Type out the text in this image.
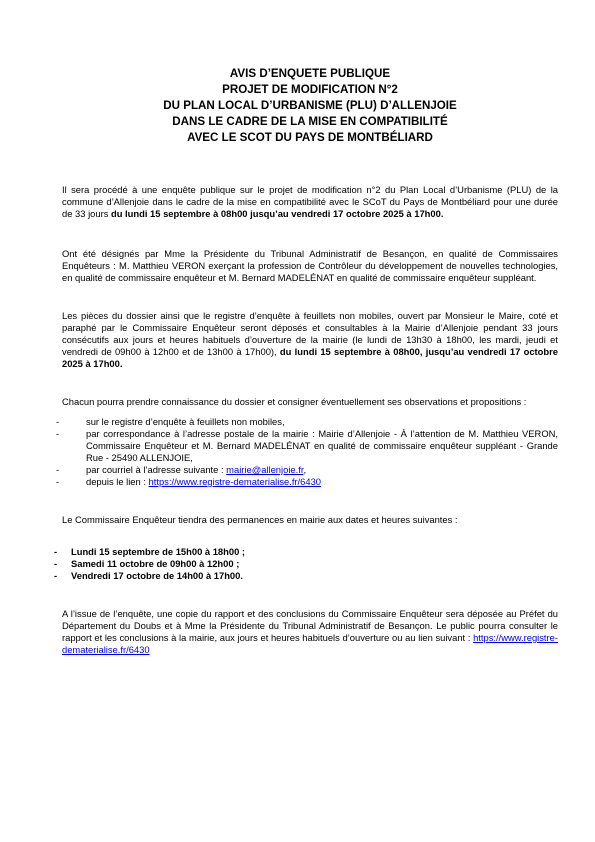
AVIS D’ENQUETE PUBLIQUE
PROJET DE MODIFICATION N°2
DU PLAN LOCAL D’URBANISME (PLU) D’ALLENJOIE
DANS LE CADRE DE LA MISE EN COMPATIBILITÉ
AVEC LE SCOT DU PAYS DE MONTBÉLIARD

Il sera procédé à une enquête publique sur le projet de modification n°2 du Plan Local d’Urbanisme (PLU) de la commune d’Allenjoie dans le cadre de la mise en compatibilité avec le SCoT du Pays de Montbéliard pour une durée de 33 jours du lundi 15 septembre à 08h00 jusqu’au vendredi 17 octobre 2025 à 17h00.

Ont été désignés par Mme la Présidente du Tribunal Administratif de Besançon, en qualité de Commissaires Enquêteurs : M. Matthieu VERON exerçant la profession de Contrôleur du développement de nouvelles technologies, en qualité de commissaire enquêteur et M. Bernard MADELÉNAT en qualité de commissaire enquêteur suppléant.

Les pièces du dossier ainsi que le registre d’enquête à feuillets non mobiles, ouvert par Monsieur le Maire, coté et paraphé par le Commissaire Enquêteur seront déposés et consultables à la Mairie d’Allenjoie pendant 33 jours consécutifs aux jours et heures habituels d’ouverture de la mairie (le lundi de 13h30 à 18h00, les mardi, jeudi et vendredi de 09h00 à 12h00 et de 13h00 à 17h00), du lundi 15 septembre à 08h00, jusqu’au vendredi 17 octobre 2025 à 17h00.

Chacun pourra prendre connaissance du dossier et consigner éventuellement ses observations et propositions :

-	sur le registre d’enquête à feuillets non mobiles,
-	par correspondance à l’adresse postale de la mairie : Mairie d’Allenjoie - À l’attention de M. Matthieu VERON, Commissaire Enquêteur et M. Bernard MADELÉNAT en qualité de commissaire enquêteur suppléant - Grande Rue - 25490 ALLENJOIE,
-	par courriel à l’adresse suivante : mairie@allenjoie.fr,
-	depuis le lien : https://www.registre-dematerialise.fr/6430

Le Commissaire Enquêteur tiendra des permanences en mairie aux dates et heures suivantes :

- Lundi 15 septembre de 15h00 à 18h00 ;
- Samedi 11 octobre de 09h00 à 12h00 ;
- Vendredi 17 octobre de 14h00 à 17h00.

A l’issue de l’enquête, une copie du rapport et des conclusions du Commissaire Enquêteur sera déposée au Préfet du Département du Doubs et à Mme la Présidente du Tribunal Administratif de Besançon. Le public pourra consulter le rapport et les conclusions à la mairie, aux jours et heures habituels d’ouverture ou au lien suivant : https://www.registre-dematerialise.fr/6430
